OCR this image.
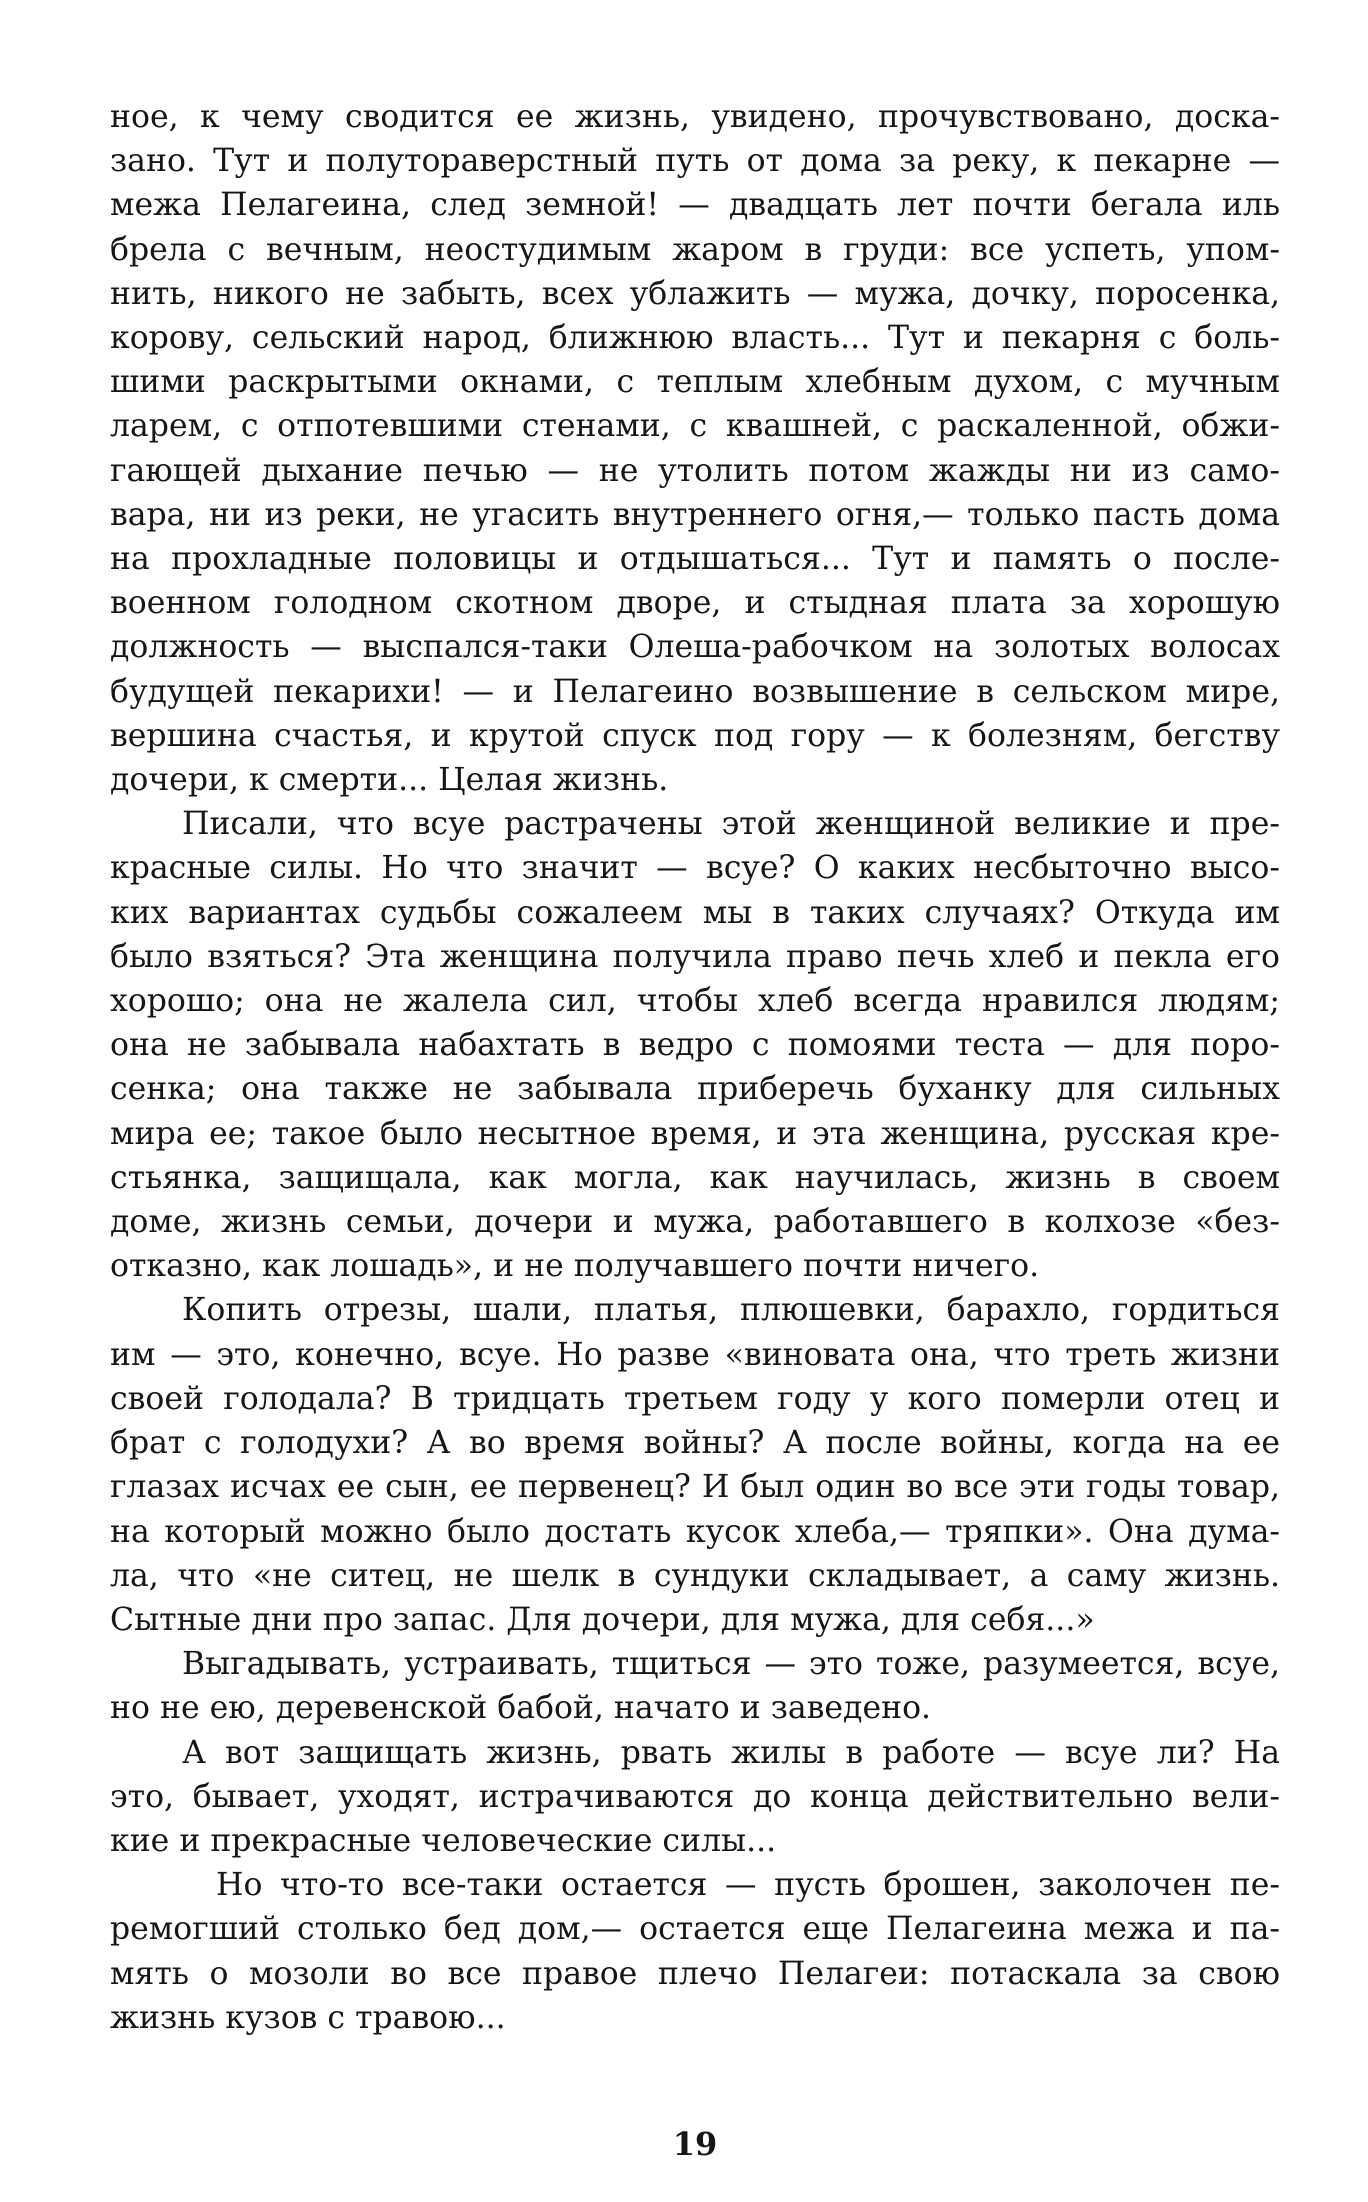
ное, к чему сводится ее жизнь, увидено, прочувствовано, доска-
зано. Тут и полутораверстный путь от дома за реку, к пекарне —
межа Пелагеина, след земной! — двадцать лет почти бегала иль
брела с вечным, неостудимым жаром в груди: все успеть, упом-
нить, никого не забыть, всех ублажить — мужа, дочку, поросенка,
корову, сельский народ, ближнюю власть... Тут и пекарня с боль-
шими раскрытыми окнами, с теплым хлебным духом, с мучным
ларем, с отпотевшими стенами, с квашней, с раскаленной, обжи-
гающей дыхание печью — не утолить потом жажды ни из само-
вара, ни из реки, не угасить внутреннего огня,— только пасть дома
на прохладные половицы и отдышаться... Тут и память о после-
военном голодном скотном дворе, и стыдная плата за хорошую
должность — выспался-таки Олеша-рабочком на золотых волосах
будущей пекарихи! — и Пелагеино возвышение в сельском мире,
вершина счастья, и крутой спуск под гору — к болезням, бегству
дочери, к смерти... Целая жизнь.
Писали, что всуе растрачены этой женщиной великие и пре-
красные силы. Но что значит — всуе? О каких несбыточно высо-
ких вариантах судьбы сожалеем мы в таких случаях? Откуда им
было взяться? Эта женщина получила право печь хлеб и пекла его
хорошо; она не жалела сил, чтобы хлеб всегда нравился людям;
она не забывала набахтать в ведро с помоями теста — для поро-
сенка; она также не забывала приберечь буханку для сильных
мира ее; такое было несытное время, и эта женщина, русская кре-
стьянка, защищала, как могла, как научилась, жизнь в своем
доме, жизнь семьи, дочери и мужа, работавшего в колхозе «без-
отказно, как лошадь», и не получавшего почти ничего.
Копить отрезы, шали, платья, плюшевки, барахло, гордиться
им — это, конечно, всуе. Но разве «виновата она, что треть жизни
своей голодала? В тридцать третьем году у кого померли отец и
брат с голодухи? А во время войны? А после войны, когда на ее
глазах исчах ее сын, ее первенец? И был один во все эти годы товар,
на который можно было достать кусок хлеба,— тряпки». Она дума-
ла, что «не ситец, не шелк в сундуки складывает, а саму жизнь.
Сытные дни про запас. Для дочери, для мужа, для себя...»
Выгадывать, устраивать, тщиться — это тоже, разумеется, всуе,
но не ею, деревенской бабой, начато и заведено.
А вот защищать жизнь, рвать жилы в работе — всуе ли? На
это, бывает, уходят, истрачиваются до конца действительно вели-
кие и прекрасные человеческие силы...
Но что-то все-таки остается — пусть брошен, заколочен пе-
ремогший столько бед дом,— остается еще Пелагеина межа и па-
мять о мозоли во все правое плечо Пелагеи: потаскала за свою
жизнь кузов с травою...
19
